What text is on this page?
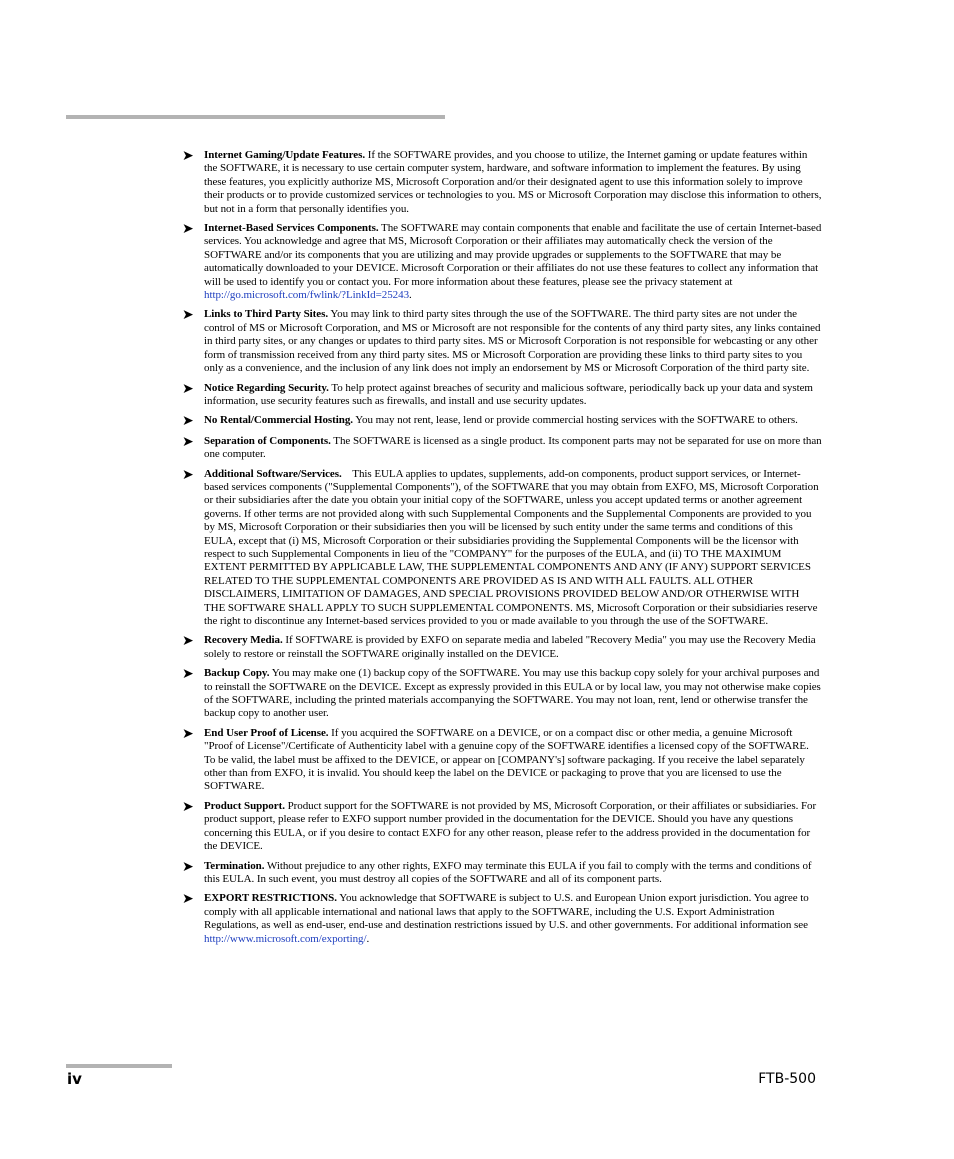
➤ Internet Gaming/Update Features. If the SOFTWARE provides, and you choose to utilize, the Internet gaming or update features within the SOFTWARE, it is necessary to use certain computer system, hardware, and software information to implement the features. By using these features, you explicitly authorize MS, Microsoft Corporation and/or their designated agent to use this information solely to improve their products or to provide customized services or technologies to you. MS or Microsoft Corporation may disclose this information to others, but not in a form that personally identifies you.
➤ Internet-Based Services Components. The SOFTWARE may contain components that enable and facilitate the use of certain Internet-based services. You acknowledge and agree that MS, Microsoft Corporation or their affiliates may automatically check the version of the SOFTWARE and/or its components that you are utilizing and may provide upgrades or supplements to the SOFTWARE that may be automatically downloaded to your DEVICE. Microsoft Corporation or their affiliates do not use these features to collect any information that will be used to identify you or contact you. For more information about these features, please see the privacy statement at http://go.microsoft.com/fwlink/?LinkId=25243.
➤ Links to Third Party Sites. You may link to third party sites through the use of the SOFTWARE. The third party sites are not under the control of MS or Microsoft Corporation, and MS or Microsoft are not responsible for the contents of any third party sites, any links contained in third party sites, or any changes or updates to third party sites. MS or Microsoft Corporation is not responsible for webcasting or any other form of transmission received from any third party sites. MS or Microsoft Corporation are providing these links to third party sites to you only as a convenience, and the inclusion of any link does not imply an endorsement by MS or Microsoft Corporation of the third party site.
➤ Notice Regarding Security. To help protect against breaches of security and malicious software, periodically back up your data and system information, use security features such as firewalls, and install and use security updates.
➤ No Rental/Commercial Hosting. You may not rent, lease, lend or provide commercial hosting services with the SOFTWARE to others.
➤ Separation of Components. The SOFTWARE is licensed as a single product. Its component parts may not be separated for use on more than one computer.
➤ Additional Software/Services.    This EULA applies to updates, supplements, add-on components, product support services, or Internet-based services components ("Supplemental Components"), of the SOFTWARE that you may obtain from EXFO, MS, Microsoft Corporation or their subsidiaries after the date you obtain your initial copy of the SOFTWARE, unless you accept updated terms or another agreement governs. If other terms are not provided along with such Supplemental Components and the Supplemental Components are provided to you by MS, Microsoft Corporation or their subsidiaries then you will be licensed by such entity under the same terms and conditions of this EULA, except that (i) MS, Microsoft Corporation or their subsidiaries providing the Supplemental Components will be the licensor with respect to such Supplemental Components in lieu of the "COMPANY" for the purposes of the EULA, and (ii) TO THE MAXIMUM EXTENT PERMITTED BY APPLICABLE LAW, THE SUPPLEMENTAL COMPONENTS AND ANY (IF ANY) SUPPORT SERVICES RELATED TO THE SUPPLEMENTAL COMPONENTS ARE PROVIDED AS IS AND WITH ALL FAULTS. ALL OTHER DISCLAIMERS, LIMITATION OF DAMAGES, AND SPECIAL PROVISIONS PROVIDED BELOW AND/OR OTHERWISE WITH THE SOFTWARE SHALL APPLY TO SUCH SUPPLEMENTAL COMPONENTS. MS, Microsoft Corporation or their subsidiaries reserve the right to discontinue any Internet-based services provided to you or made available to you through the use of the SOFTWARE.
➤ Recovery Media. If SOFTWARE is provided by EXFO on separate media and labeled "Recovery Media" you may use the Recovery Media solely to restore or reinstall the SOFTWARE originally installed on the DEVICE.
➤ Backup Copy. You may make one (1) backup copy of the SOFTWARE. You may use this backup copy solely for your archival purposes and to reinstall the SOFTWARE on the DEVICE. Except as expressly provided in this EULA or by local law, you may not otherwise make copies of the SOFTWARE, including the printed materials accompanying the SOFTWARE. You may not loan, rent, lend or otherwise transfer the backup copy to another user.
➤ End User Proof of License. If you acquired the SOFTWARE on a DEVICE, or on a compact disc or other media, a genuine Microsoft "Proof of License"/Certificate of Authenticity label with a genuine copy of the SOFTWARE identifies a licensed copy of the SOFTWARE. To be valid, the label must be affixed to the DEVICE, or appear on [COMPANY's] software packaging. If you receive the label separately other than from EXFO, it is invalid. You should keep the label on the DEVICE or packaging to prove that you are licensed to use the SOFTWARE.
➤ Product Support. Product support for the SOFTWARE is not provided by MS, Microsoft Corporation, or their affiliates or subsidiaries. For product support, please refer to EXFO support number provided in the documentation for the DEVICE. Should you have any questions concerning this EULA, or if you desire to contact EXFO for any other reason, please refer to the address provided in the documentation for the DEVICE.
➤ Termination. Without prejudice to any other rights, EXFO may terminate this EULA if you fail to comply with the terms and conditions of this EULA. In such event, you must destroy all copies of the SOFTWARE and all of its component parts.
➤ EXPORT RESTRICTIONS. You acknowledge that SOFTWARE is subject to U.S. and European Union export jurisdiction. You agree to comply with all applicable international and national laws that apply to the SOFTWARE, including the U.S. Export Administration Regulations, as well as end-user, end-use and destination restrictions issued by U.S. and other governments. For additional information see http://www.microsoft.com/exporting/.
iv	FTB-500
